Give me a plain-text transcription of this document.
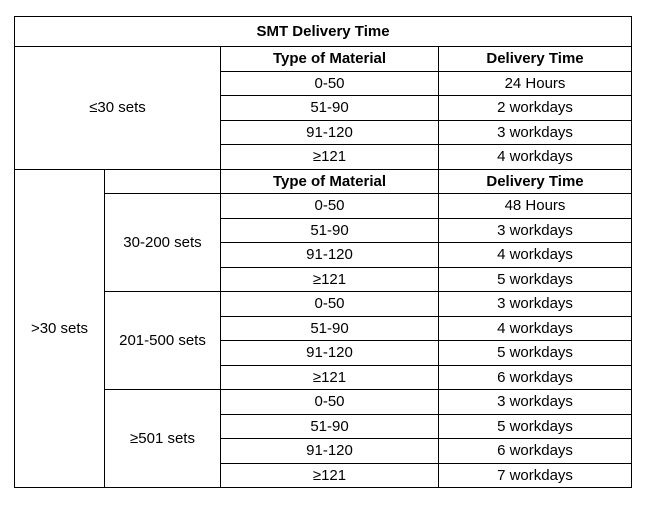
SMT Delivery Time			
≤30 sets		Type of Material	Delivery Time
		0-50	24 Hours
		51-90	2 workdays
		91-120	3 workdays
		≥121	4 workdays
>30 sets		Type of Material	Delivery Time
	30-200 sets	0-50	48 Hours
		51-90	3 workdays
		91-120	4 workdays
		≥121	5 workdays
	201-500 sets	0-50	3 workdays
		51-90	4 workdays
		91-120	5 workdays
		≥121	6 workdays
	≥501 sets	0-50	3 workdays
		51-90	5 workdays
		91-120	6 workdays
		≥121	7 workdays
